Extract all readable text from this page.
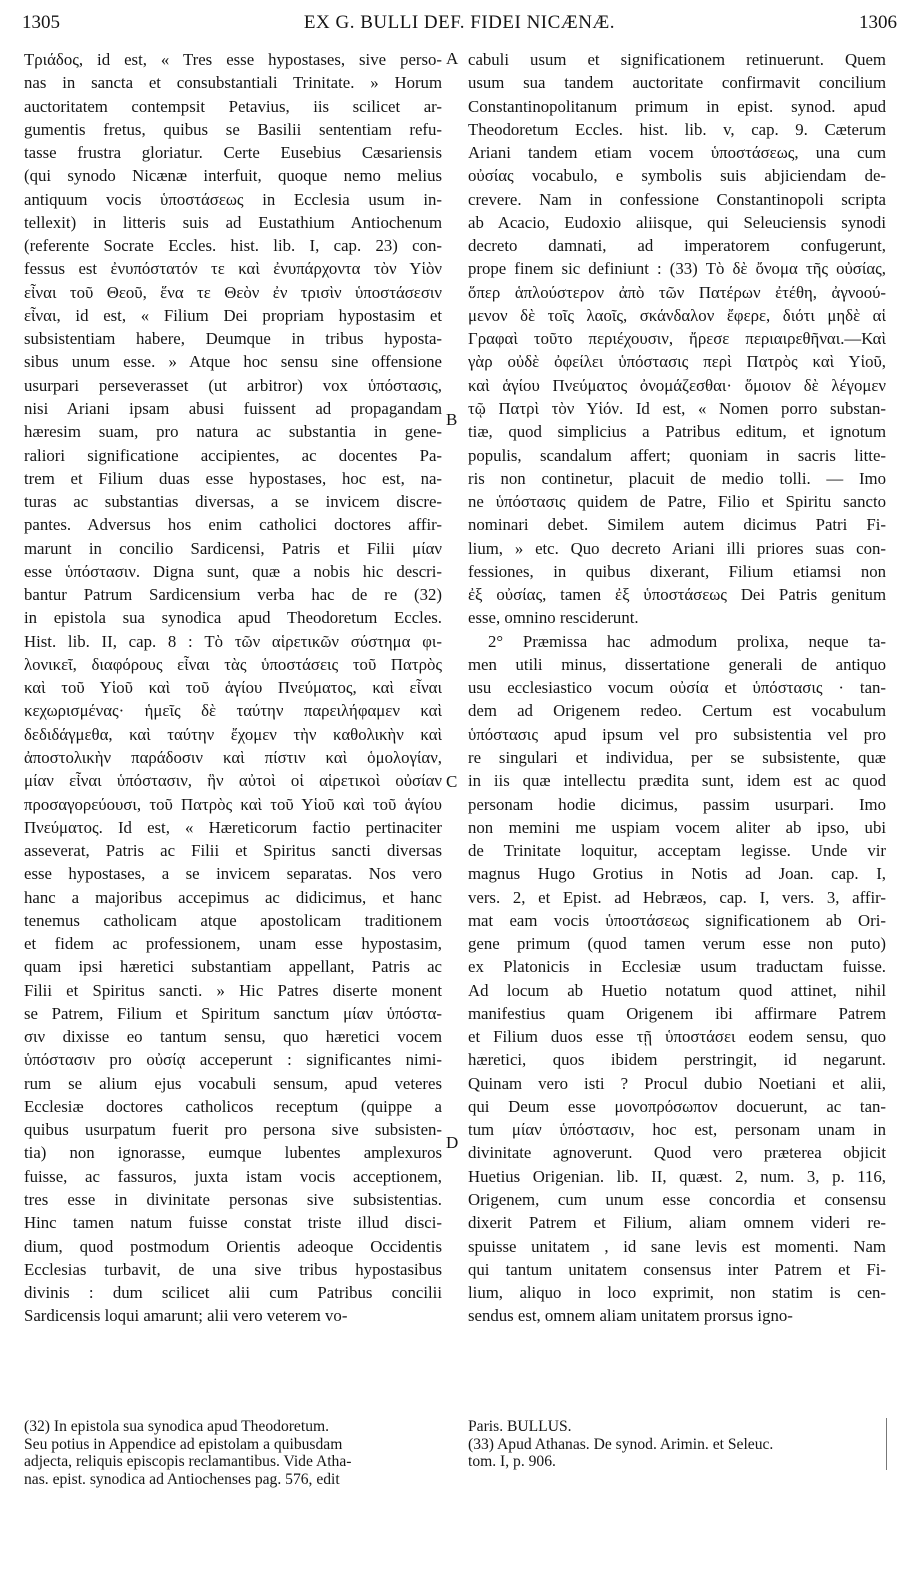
1305	EX G. BULLI DEF. FIDEI NICÆNÆ.	1306
Τριάδος, id est, « Tres esse hypostases, sive perso-
nas in sancta et consubstantiali Trinitate. » Horum
auctoritatem contempsit Petavius, iis scilicet ar-
gumentis fretus, quibus se Basilii sententiam refu-
tasse frustra gloriatur. Certe Eusebius Cæsariensis
(qui synodo Nicænæ interfuit, quoque nemo melius
antiquum vocis ὑποστάσεως in Ecclesia usum in-
tellexit) in litteris suis ad Eustathium Antiochenum
(referente Socrate Eccles. hist. lib. I, cap. 23) con-
fessus est ἐνυπόστατόν τε καὶ ἐνυπάρχοντα τὸν Υἱὸν
εἶναι τοῦ Θεοῦ, ἕνα τε Θεὸν ἐν τρισὶν ὑποστάσεσιν
εἶναι, id est, « Filium Dei propriam hypostasim et
subsistentiam habere, Deumque in tribus hyposta-
sibus unum esse. » Atque hoc sensu sine offensione
usurpari perseverasset (ut arbitror) vox ὑπόστασις,
nisi Ariani ipsam abusi fuissent ad propagandam
hæresim suam, pro natura ac substantia in gene-
raliori significatione accipientes, ac docentes Pa-
trem et Filium duas esse hypostases, hoc est, na-
turas ac substantias diversas, a se invicem discre-
pantes. Adversus hos enim catholici doctores affir-
marunt in concilio Sardicensi, Patris et Filii μίαν
esse ὑπόστασιν. Digna sunt, quæ a nobis hic descri-
bantur Patrum Sardicensium verba hac de re (32)
in epistola sua synodica apud Theodoretum Eccles.
Hist. lib. II, cap. 8 : Τὸ τῶν αἱρετικῶν σύστημα φι-
λονικεῖ, διαφόρους εἶναι τὰς ὑποστάσεις τοῦ Πατρὸς
καὶ τοῦ Υἱοῦ καὶ τοῦ ἁγίου Πνεύματος, καὶ εἶναι
κεχωρισμένας· ἡμεῖς δὲ ταύτην παρειλήφαμεν καὶ
δεδιδάγμεθα, καὶ ταύτην ἔχομεν τὴν καθολικὴν καὶ
ἀποστολικὴν παράδοσιν καὶ πίστιν καὶ ὁμολογίαν,
μίαν εἶναι ὑπόστασιν, ἣν αὐτοὶ οἱ αἱρετικοὶ οὐσίαν
προσαγορεύουσι, τοῦ Πατρὸς καὶ τοῦ Υἱοῦ καὶ τοῦ ἁγίου
Πνεύματος. Id est, « Hæreticorum factio pertinaciter
asseverat, Patris ac Filii et Spiritus sancti diversas
esse hypostases, a se invicem separatas. Nos vero
hanc a majoribus accepimus ac didicimus, et hanc
tenemus catholicam atque apostolicam traditionem
et fidem ac professionem, unam esse hypostasim,
quam ipsi hæretici substantiam appellant, Patris ac
Filii et Spiritus sancti. » Hic Patres diserte monent
se Patrem, Filium et Spiritum sanctum μίαν ὑπόστα-
σιν dixisse eo tantum sensu, quo hæretici vocem
ὑπόστασιν pro οὐσίᾳ acceperunt : significantes nimi-
rum se alium ejus vocabuli sensum, apud veteres
Ecclesiæ doctores catholicos receptum (quippe a
quibus usurpatum fuerit pro persona sive subsisten-
tia) non ignorasse, eumque lubentes amplexuros
fuisse, ac fassuros, juxta istam vocis acceptionem,
tres esse in divinitate personas sive subsistentias.
Hinc tamen natum fuisse constat triste illud disci-
dium, quod postmodum Orientis adeoque Occidentis
Ecclesias turbavit, de una sive tribus hypostasibus
divinis : dum scilicet alii cum Patribus concilii
Sardicensis loqui amarunt; alii vero veterem vo-
cabuli usum et significationem retinuerunt. Quem
usum sua tandem auctoritate confirmavit concilium
Constantinopolitanum primum in epist. synod. apud
Theodoretum Eccles. hist. lib. v, cap. 9. Cæterum
Ariani tandem etiam vocem ὑποστάσεως, una cum
οὐσίας vocabulo, e symbolis suis abjiciendam de-
crevere. Nam in confessione Constantinopoli scripta
ab Acacio, Eudoxio aliisque, qui Seleuciensis synodi
decreto damnati, ad imperatorem confugerunt,
prope finem sic definiunt : (33) Τὸ δὲ ὄνομα τῆς οὐσίας,
ὅπερ ἁπλούστερον ἀπὸ τῶν Πατέρων ἐτέθη, ἀγνοού-
μενον δὲ τοῖς λαοῖς, σκάνδαλον ἔφερε, διότι μηδὲ αἱ
Γραφαὶ τοῦτο περιέχουσιν, ἤρεσε περιαιρεθῆναι.—Καὶ
γὰρ οὐδὲ ὀφείλει ὑπόστασις περὶ Πατρὸς καὶ Υἱοῦ,
καὶ ἁγίου Πνεύματος ὀνομάζεσθαι· ὅμοιον δὲ λέγομεν
τῷ Πατρὶ τὸν Υἱόν. Id est, « Nomen porro substan-
tiæ, quod simplicius a Patribus editum, et ignotum
populis, scandalum affert; quoniam in sacris litte-
ris non continetur, placuit de medio tolli. — Imo
ne ὑπόστασις quidem de Patre, Filio et Spiritu sancto
nominari debet. Similem autem dicimus Patri Fi-
lium, » etc. Quo decreto Ariani illi priores suas con-
fessiones, in quibus dixerant, Filium etiamsi non
ἐξ οὐσίας, tamen ἐξ ὑποστάσεως Dei Patris genitum
esse, omnino resciderunt.
2° Præmissa hac admodum prolixa, neque ta-
men utili minus, dissertatione generali de antiquo
usu ecclesiastico vocum οὐσία et ὑπόστασις · tan-
dem ad Origenem redeo. Certum est vocabulum
ὑπόστασις apud ipsum vel pro subsistentia vel pro
re singulari et individua, per se subsistente, quæ
in iis quæ intellectu prædita sunt, idem est ac quod
personam hodie dicimus, passim usurpari. Imo
non memini me uspiam vocem aliter ab ipso, ubi
de Trinitate loquitur, acceptam legisse. Unde vir
magnus Hugo Grotius in Notis ad Joan. cap. I,
vers. 2, et Epist. ad Hebræos, cap. I, vers. 3, affir-
mat eam vocis ὑποστάσεως significationem ab Ori-
gene primum (quod tamen verum esse non puto)
ex Platonicis in Ecclesiæ usum traductam fuisse.
Ad locum ab Huetio notatum quod attinet, nihil
manifestius quam Origenem ibi affirmare Patrem
et Filium duos esse τῇ ὑποστάσει eodem sensu, quo
hæretici, quos ibidem perstringit, id negarunt.
Quinam vero isti ? Procul dubio Noetiani et alii,
qui Deum esse μονοπρόσωπον docuerunt, ac tan-
tum μίαν ὑπόστασιν, hoc est, personam unam in
divinitate agnoverunt. Quod vero præterea objicit
Huetius Origenian. lib. II, quæst. 2, num. 3, p. 116,
Origenem, cum unum esse concordia et consensu
dixerit Patrem et Filium, aliam omnem videri re-
spuisse unitatem , id sane levis est momenti. Nam
qui tantum unitatem consensus inter Patrem et Fi-
lium, aliquo in loco exprimit, non statim is cen-
sendus est, omnem aliam unitatem prorsus igno-
A
B
C
D
(32) In epistola sua synodica apud Theodoretum.
Seu potius in Appendice ad epistolam a quibusdam
adjecta, reliquis episcopis reclamantibus. Vide Atha-
nas. epist. synodica ad Antiochenses pag. 576, edit
Paris. BULLUS.
(33) Apud Athanas. De synod. Arimin. et Seleuc.
tom. I, p. 906.
